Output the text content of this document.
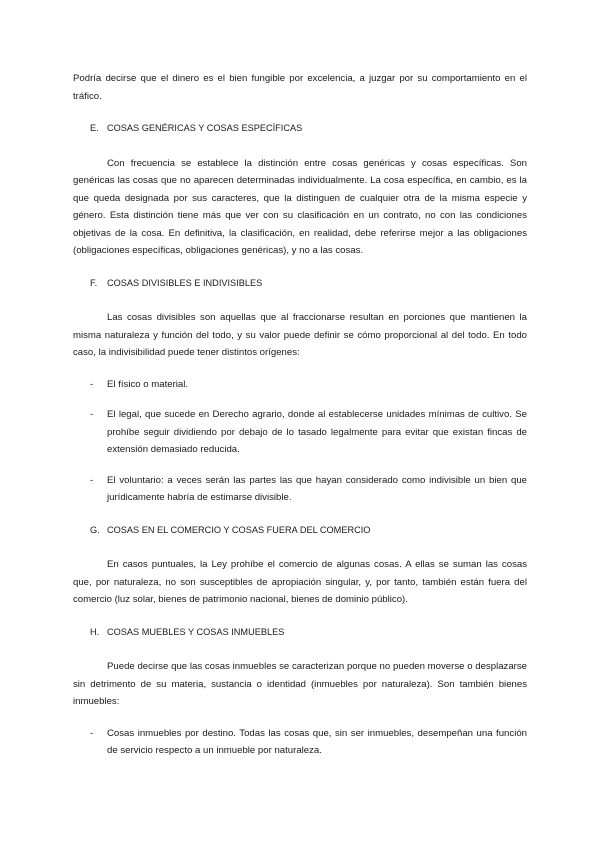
Podría decirse que el dinero es el bien fungible por excelencia, a juzgar por su comportamiento en el tráfico.

E. COSAS GENÉRICAS Y COSAS ESPECÍFICAS

Con frecuencia se establece la distinción entre cosas genéricas y cosas específicas. Son genéricas las cosas que no aparecen determinadas individualmente. La cosa específica, en cambio, es la que queda designada por sus caracteres, que la distinguen de cualquier otra de la misma especie y género. Esta distinción tiene más que ver con su clasificación en un contrato, no con las condiciones objetivas de la cosa. En definitiva, la clasificación, en realidad, debe referirse mejor a las obligaciones (obligaciones específicas, obligaciones genéricas), y no a las cosas.

F.	COSAS DIVISIBLES E INDIVISIBLES

Las cosas divisibles son aquellas que al fraccionarse resultan en porciones que mantienen la misma naturaleza y función del todo, y su valor puede definir se cómo proporcional al del todo. En todo caso, la indivisibilidad puede tener distintos orígenes:

-	El físico o material.
-	El legal, que sucede en Derecho agrario, donde al establecerse unidades mínimas de cultivo. Se prohíbe seguir dividiendo por debajo de lo tasado legalmente para evitar que existan fincas de extensión demasiado reducida.
-	El voluntario: a veces serán las partes las que hayan considerado como indivisible un bien que jurídicamente habría de estimarse divisible.
G. COSAS EN EL COMERCIO Y COSAS FUERA DEL COMERCIO

En casos puntuales, la Ley prohíbe el comercio de algunas cosas. A ellas se suman las cosas que, por naturaleza, no son susceptibles de apropiación singular, y, por tanto, también están fuera del comercio (luz solar, bienes de patrimonio nacional, bienes de dominio público).

H. COSAS MUEBLES Y COSAS INMUEBLES

Puede decirse que las cosas inmuebles se caracterizan porque no pueden moverse o desplazarse sin detrimento de su materia, sustancia o identidad (inmuebles por naturaleza). Son también bienes inmuebles:

-	Cosas inmuebles por destino. Todas las cosas que, sin ser inmuebles, desempeñan una función de servicio respecto a un inmueble por naturaleza.
